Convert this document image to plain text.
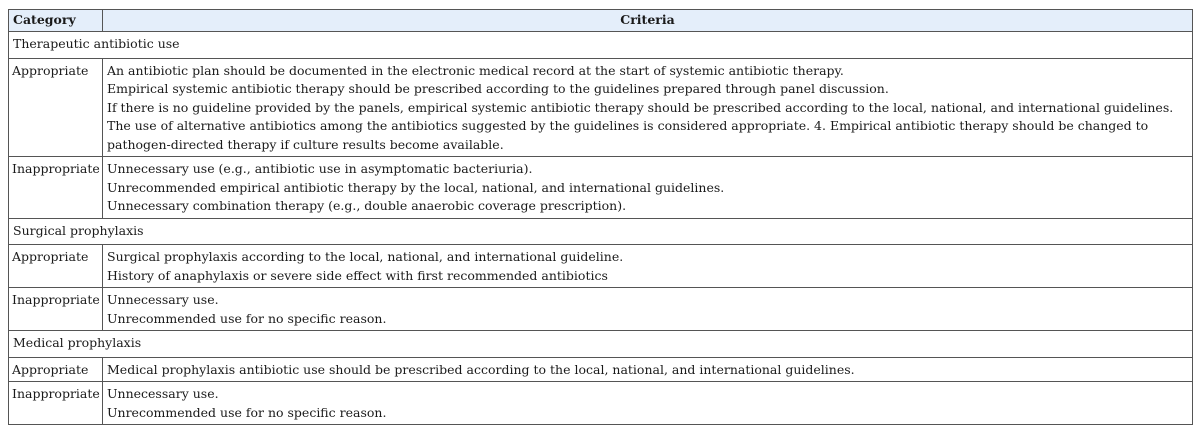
Category	Criteria
Therapeutic antibiotic use	
Appropriate	An antibiotic plan should be documented in the electronic medical record at the start of systemic antibiotic therapy.
Empirical systemic antibiotic therapy should be prescribed according to the guidelines prepared through panel discussion.
If there is no guideline provided by the panels, empirical systemic antibiotic therapy should be prescribed according to the local, national, and international guidelines.
The use of alternative antibiotics among the antibiotics suggested by the guidelines is considered appropriate. 4. Empirical antibiotic therapy should be changed to
pathogen-directed therapy if culture results become available.

Inappropriate	Unnecessary use (e.g., antibiotic use in asymptomatic bacteriuria).
Unrecommended empirical antibiotic therapy by the local, national, and international guidelines.
Unnecessary combination therapy (e.g., double anaerobic coverage prescription).

Surgical prophylaxis	
Appropriate	Surgical prophylaxis according to the local, national, and international guideline.
History of anaphylaxis or severe side effect with first recommended antibiotics

Inappropriate	Unnecessary use.
Unrecommended use for no specific reason.

Medical prophylaxis	
Appropriate	Medical prophylaxis antibiotic use should be prescribed according to the local, national, and international guidelines.

Inappropriate	Unnecessary use.
Unrecommended use for no specific reason.
